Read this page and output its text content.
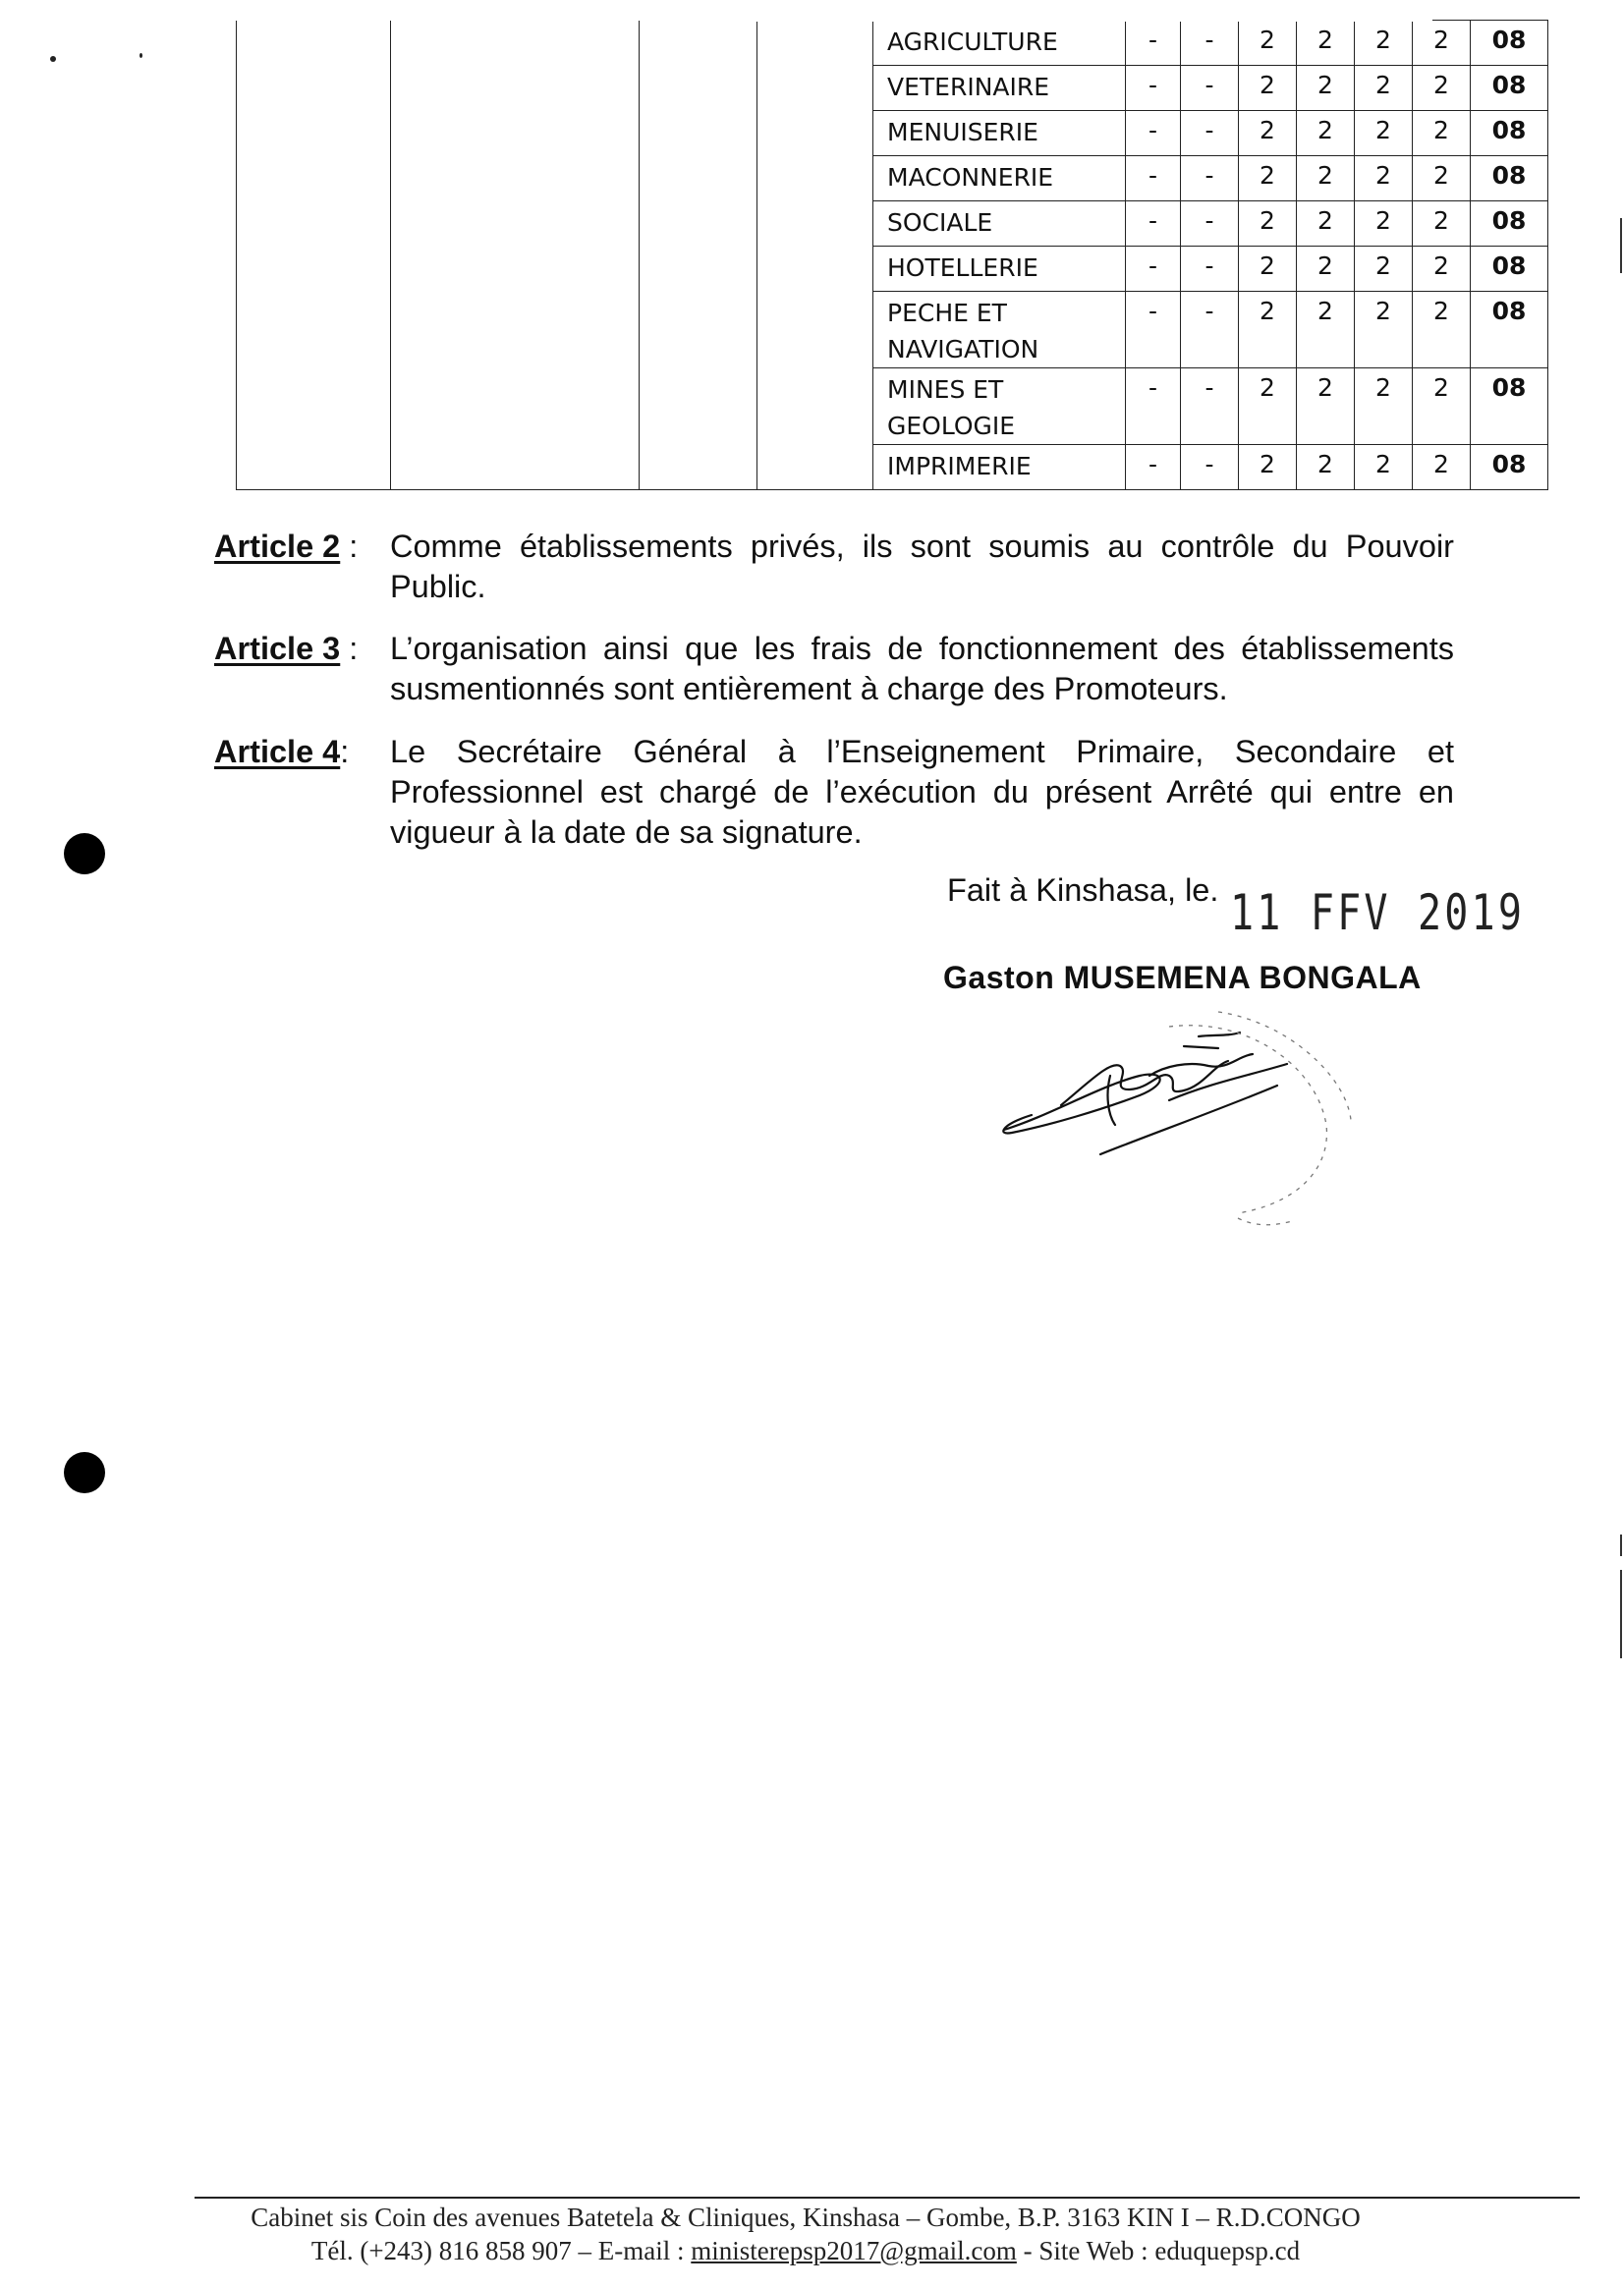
				AGRICULTURE	-	-	2	2	2	2	08
				VETERINAIRE	-	-	2	2	2	2	08
				MENUISERIE	-	-	2	2	2	2	08
				MACONNERIE	-	-	2	2	2	2	08
				SOCIALE	-	-	2	2	2	2	08
				HOTELLERIE	-	-	2	2	2	2	08
				PECHE ET NAVIGATION	-	-	2	2	2	2	08
				MINES ET GEOLOGIE	-	-	2	2	2	2	08
				IMPRIMERIE	-	-	2	2	2	2	08
Article 2 :	Comme établissements privés, ils sont soumis au contrôle du Pouvoir Public.
Article 3 :	L’organisation ainsi que les frais de fonctionnement des établissements susmentionnés sont entièrement à charge des Promoteurs.
Article 4:	Le Secrétaire Général à l’Enseignement Primaire, Secondaire et Professionnel est chargé de l’exécution du présent Arrêté qui entre en vigueur à la date de sa signature.
Fait à Kinshasa, le. 11 FFV 2019
Gaston MUSEMENA BONGALA
Cabinet sis Coin des avenues Batetela & Cliniques, Kinshasa – Gombe, B.P. 3163 KIN I – R.D.CONGO
Tél. (+243) 816 858 907 – E-mail : ministerepsp2017@gmail.com - Site Web : eduquepsp.cd
